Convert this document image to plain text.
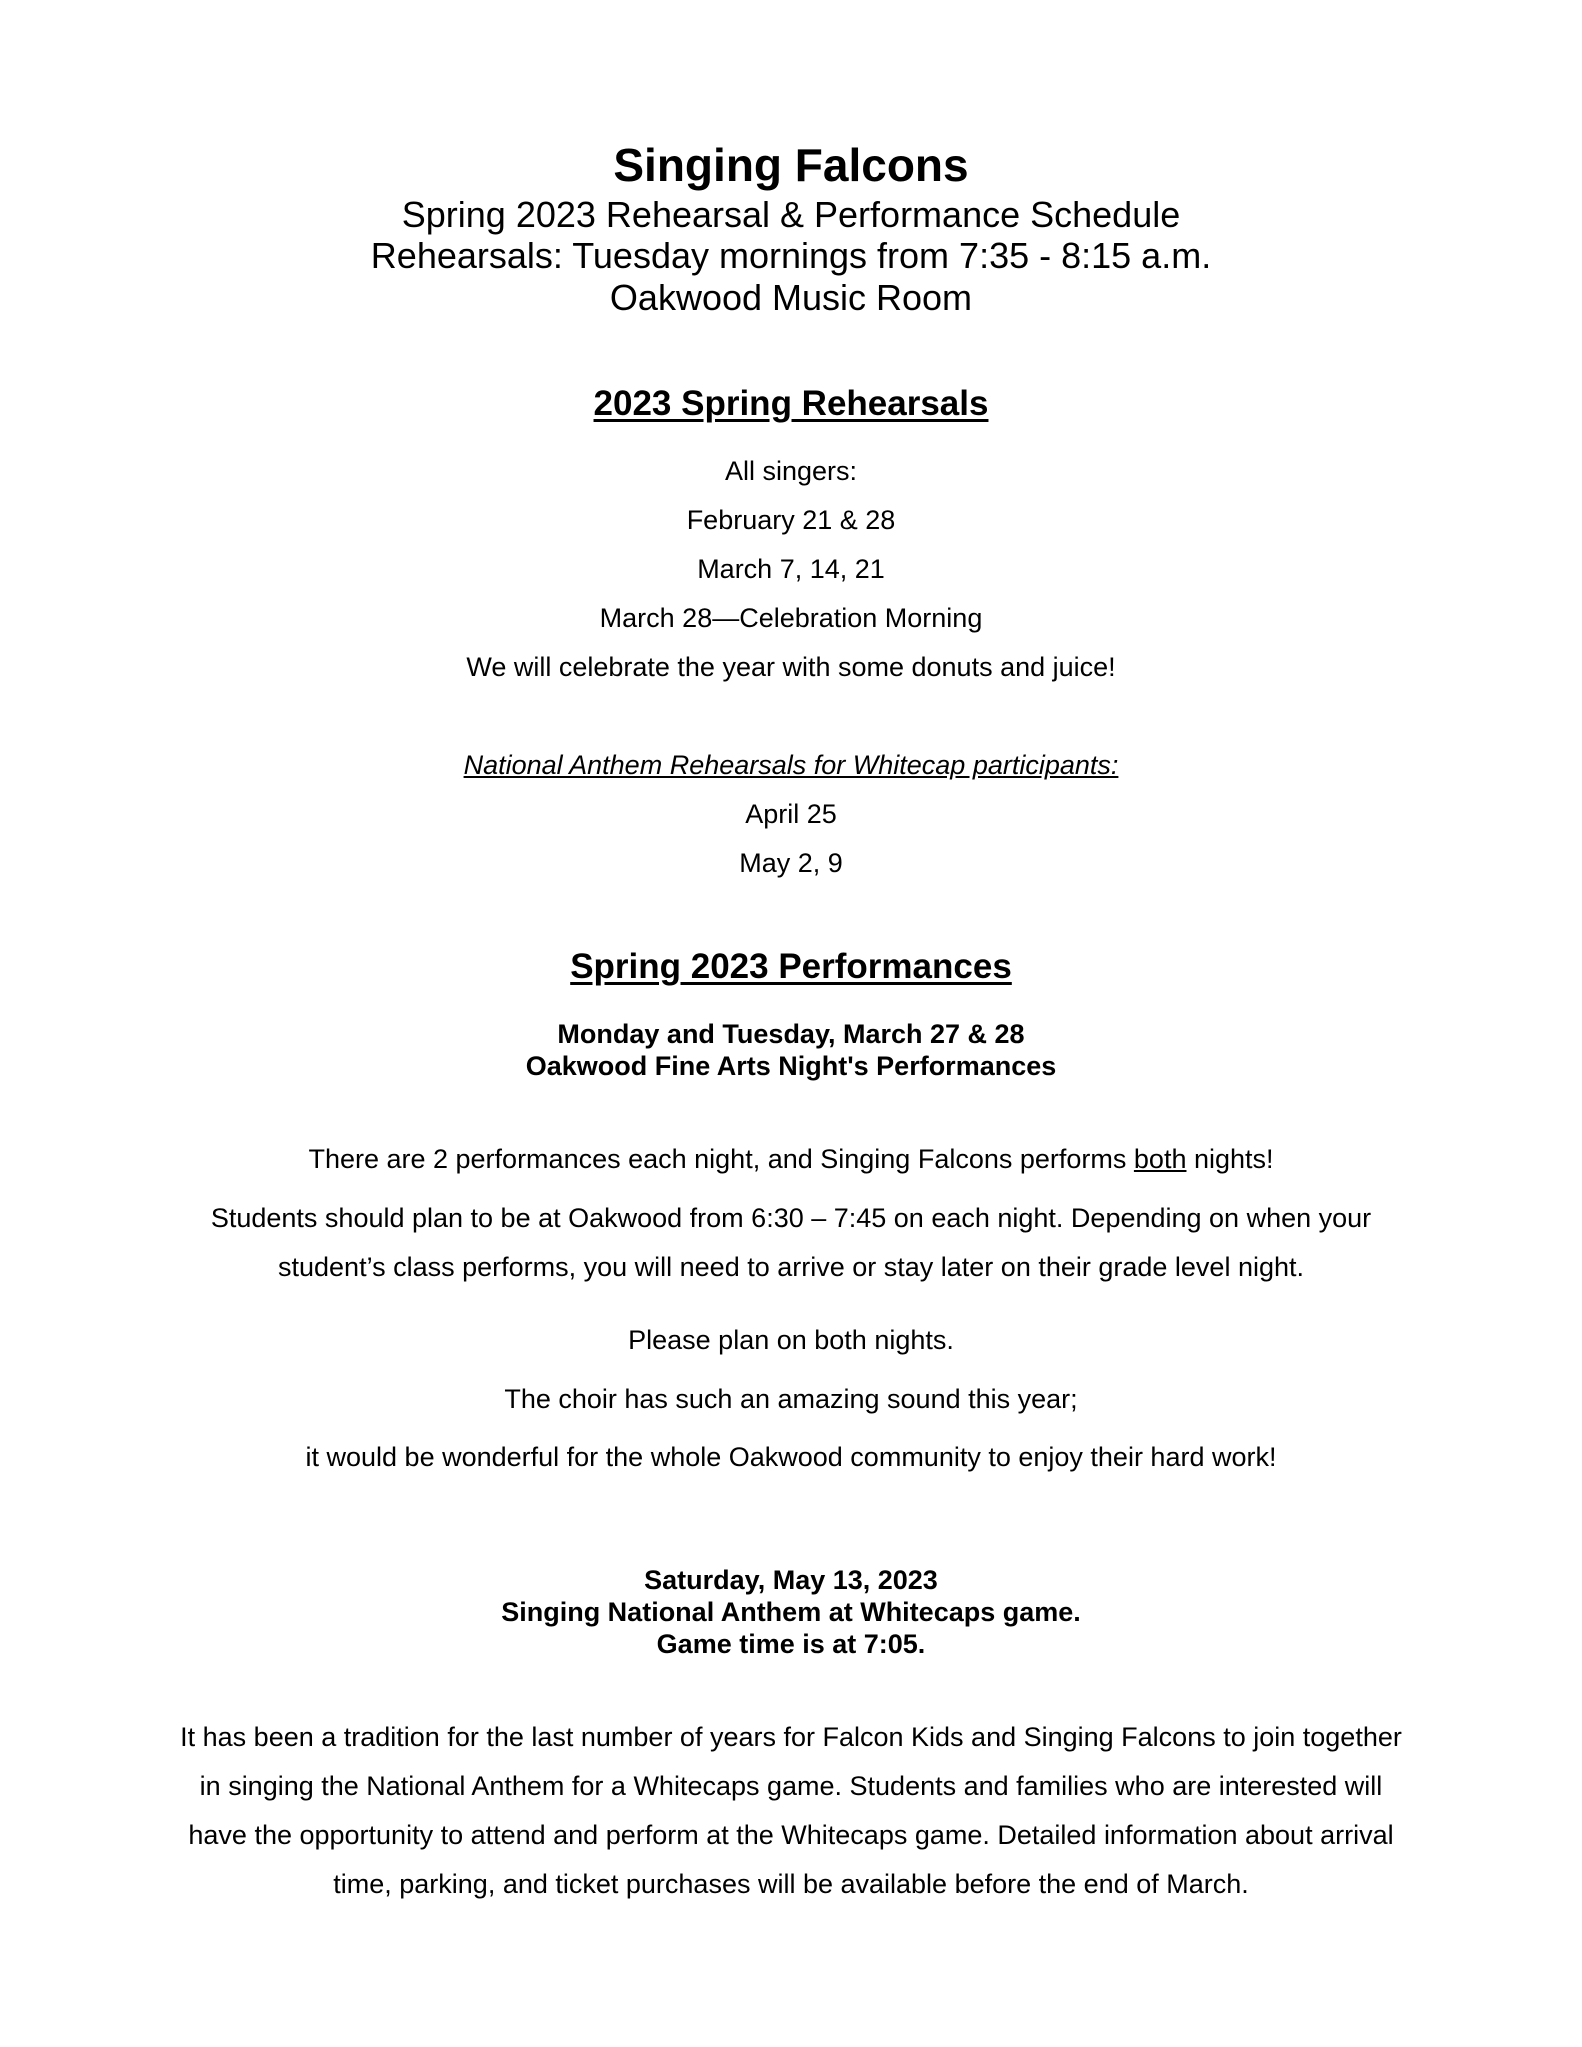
Singing Falcons
Spring 2023 Rehearsal & Performance Schedule
Rehearsals: Tuesday mornings from 7:35 - 8:15 a.m.
Oakwood Music Room
2023 Spring Rehearsals
All singers:
February 21 & 28
March 7, 14, 21
March 28—Celebration Morning
We will celebrate the year with some donuts and juice!
National Anthem Rehearsals for Whitecap participants:
April 25
May 2, 9
Spring 2023 Performances
Monday and Tuesday, March 27 & 28
Oakwood Fine Arts Night's Performances
There are 2 performances each night, and Singing Falcons performs both nights!
Students should plan to be at Oakwood from 6:30 – 7:45 on each night. Depending on when your
student’s class performs, you will need to arrive or stay later on their grade level night.
Please plan on both nights.
The choir has such an amazing sound this year;
it would be wonderful for the whole Oakwood community to enjoy their hard work!
Saturday, May 13, 2023
Singing National Anthem at Whitecaps game.
Game time is at 7:05.
It has been a tradition for the last number of years for Falcon Kids and Singing Falcons to join together
in singing the National Anthem for a Whitecaps game. Students and families who are interested will
have the opportunity to attend and perform at the Whitecaps game. Detailed information about arrival
time, parking, and ticket purchases will be available before the end of March.
